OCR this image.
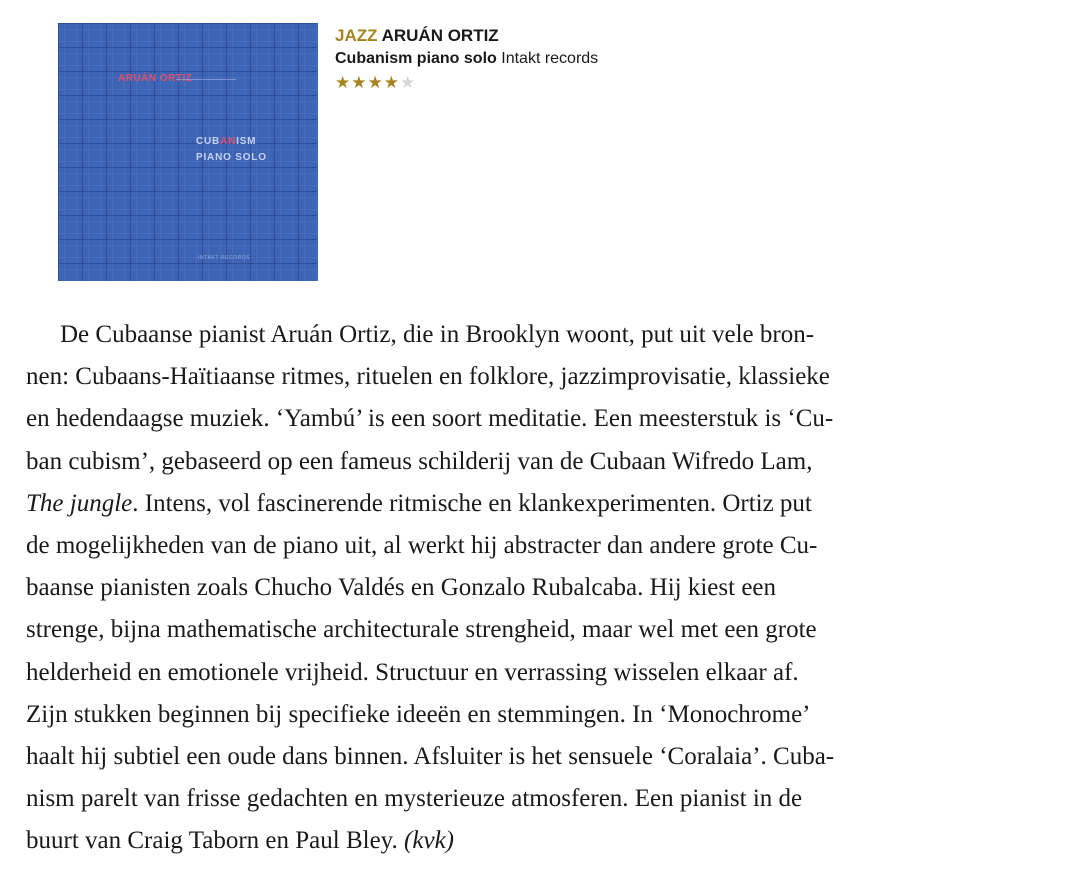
ARUÁN ORTIZ
CUBANISM
PIANO SOLO
INTAKT RECORDS
JAZZ ARUÁN ORTIZ
Cubanism piano solo Intakt records
★★★★★
De Cubaanse pianist Aruán Ortiz, die in Brooklyn woont, put uit vele bron-
nen: Cubaans-Haïtiaanse ritmes, rituelen en folklore, jazzimprovisatie, klassieke
en hedendaagse muziek. ‘Yambú’ is een soort meditatie. Een meesterstuk is ‘Cu-
ban cubism’, gebaseerd op een fameus schilderij van de Cubaan Wifredo Lam,
The jungle. Intens, vol fascinerende ritmische en klankexperimenten. Ortiz put
de mogelijkheden van de piano uit, al werkt hij abstracter dan andere grote Cu-
baanse pianisten zoals Chucho Valdés en Gonzalo Rubalcaba. Hij kiest een
strenge, bijna mathematische architecturale strengheid, maar wel met een grote
helderheid en emotionele vrijheid. Structuur en verrassing wisselen elkaar af.
Zijn stukken beginnen bij specifieke ideeën en stemmingen. In ‘Monochrome’
haalt hij subtiel een oude dans binnen. Afsluiter is het sensuele ‘Coralaia’. Cuba-
nism parelt van frisse gedachten en mysterieuze atmosferen. Een pianist in de
buurt van Craig Taborn en Paul Bley. (kvk)
